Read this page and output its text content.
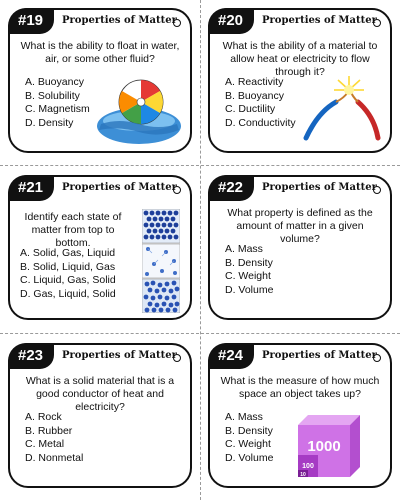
#19	Properties of Matter
What is the ability to float in water, air, or some other fluid?
A. Buoyancy
B. Solubility
C. Magnetism
D. Density
#20	Properties of Matter
What is the ability of a material to allow heat or electricity to flow through it?
A. Reactivity
B. Buoyancy
C. Ductility
D. Conductivity
#21	Properties of Matter
Identify each state of matter from top to bottom.
A. Solid, Gas, Liquid
B. Solid, Liquid, Gas
C. Liquid, Gas, Solid
D. Gas, Liquid, Solid
#22	Properties of Matter
What property is defined as the amount of matter in a given volume?
A. Mass
B. Density
C. Weight
D. Volume
#23	Properties of Matter
What is a solid material that is a good conductor of heat and electricity?
A. Rock
B. Rubber
C. Metal
D. Nonmetal
#24	Properties of Matter
What is the measure of how much space an object takes up?
A. Mass
B. Density
C. Weight
D. Volume
1000
100
10
